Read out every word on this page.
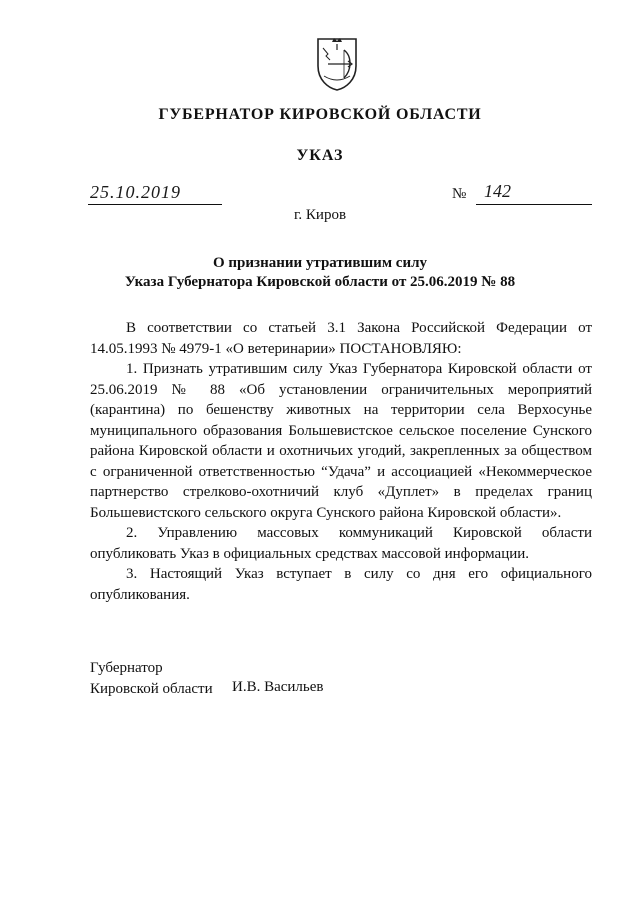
ГУБЕРНАТОР КИРОВСКОЙ ОБЛАСТИ
УКАЗ
25.10.2019	№ 142
г. Киров
О признании утратившим силу
Указа Губернатора Кировской области от 25.06.2019 № 88

В соответствии со статьей 3.1 Закона Российской Федерации от 14.05.1993 № 4979-1 «О ветеринарии» ПОСТАНОВЛЯЮ:

1. Признать утратившим силу Указ Губернатора Кировской области от 25.06.2019 № 88 «Об установлении ограничительных мероприятий (карантина) по бешенству животных на территории села Верхосунье муниципального образования Большевистское сельское поселение Сунского района Кировской области и охотничьих угодий, закрепленных за обществом с ограниченной ответственностью “Удача” и ассоциацией «Некоммерческое партнерство стрелково-охотничий клуб «Дуплет» в пределах границ Большевистского сельского округа Сунского района Кировской области».

2. Управлению массовых коммуникаций Кировской области опубликовать Указ в официальных средствах массовой информации.

3. Настоящий Указ вступает в силу со дня его официального опубликования.

Губернатор
Кировской области И.В. Васильев
